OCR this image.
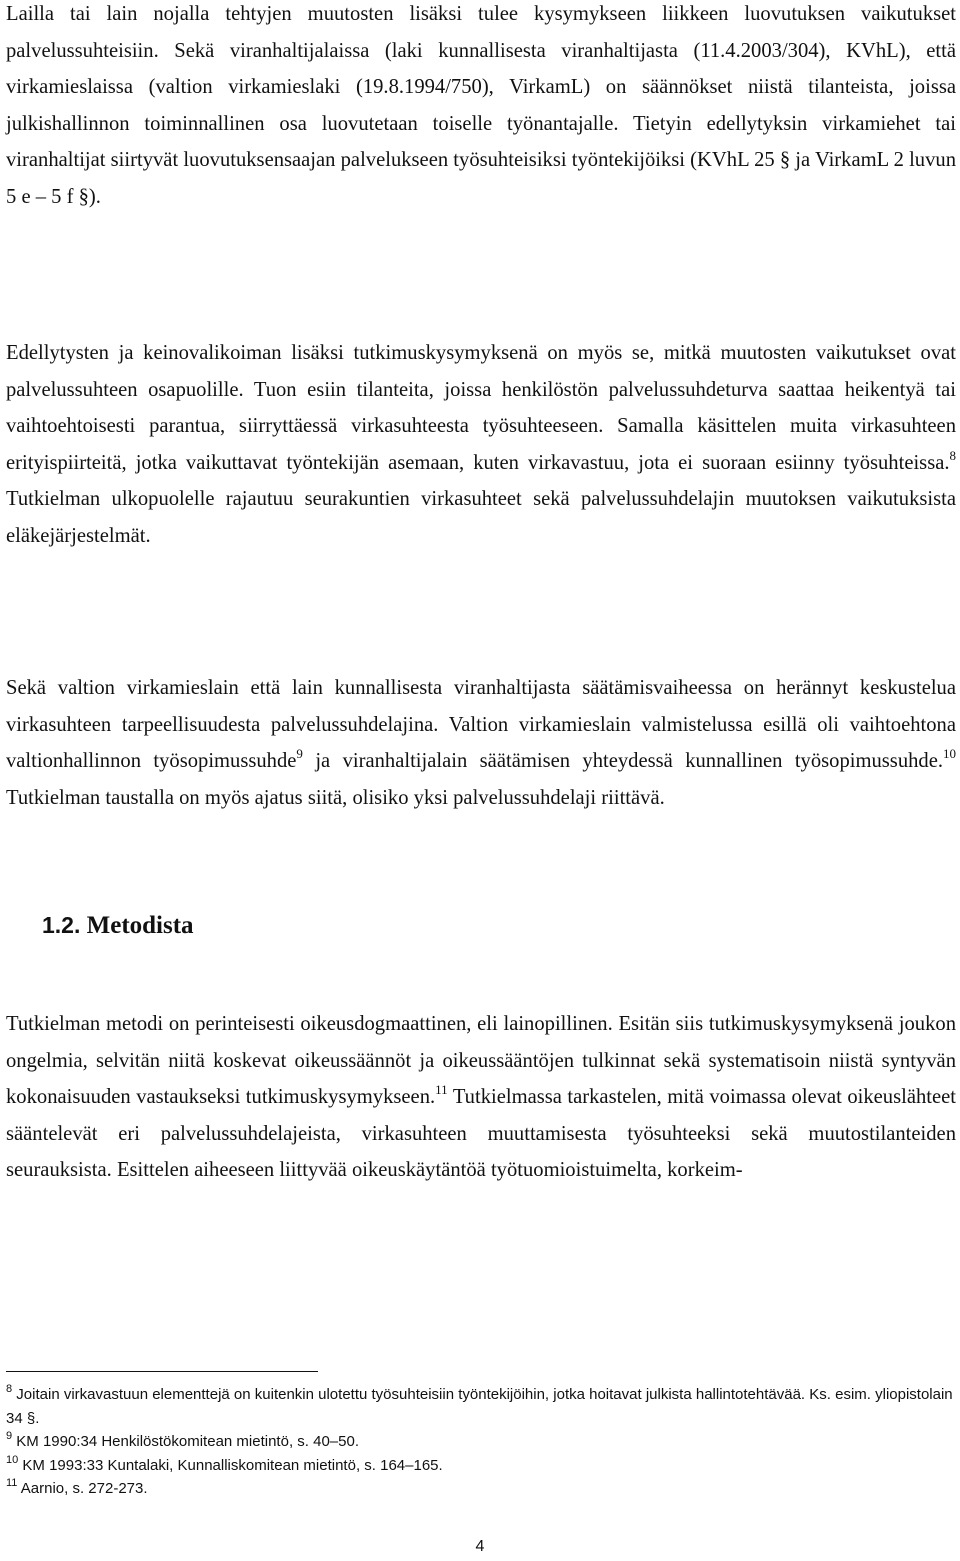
Lailla tai lain nojalla tehtyjen muutosten lisäksi tulee kysymykseen liikkeen luovutuksen vaikutukset palvelussuhteisiin. Sekä viranhaltijalaissa (laki kunnallisesta viranhaltijasta (11.4.2003/304), KVhL), että virkamieslaissa (valtion virkamieslaki (19.8.1994/750), VirkamL) on säännökset niistä tilanteista, joissa julkishallinnon toiminnallinen osa luovutetaan toiselle työnantajalle. Tietyin edellytyksin virkamiehet tai viranhaltijat siirtyvät luovutuksensaajan palvelukseen työsuhteisiksi työntekijöiksi (KVhL 25 § ja VirkamL 2 luvun 5 e – 5 f §).

Edellytysten ja keinovalikoiman lisäksi tutkimuskysymyksenä on myös se, mitkä muutosten vaikutukset ovat palvelussuhteen osapuolille. Tuon esiin tilanteita, joissa henkilöstön palvelussuhdeturva saattaa heikentyä tai vaihtoehtoisesti parantua, siirryttäessä virkasuhteesta työsuhteeseen. Samalla käsittelen muita virkasuhteen erityispiirteitä, jotka vaikuttavat työntekijän asemaan, kuten virkavastuu, jota ei suoraan esiinny työsuhteissa.$^8$ Tutkielman ulkopuolelle rajautuu seurakuntien virkasuhteet sekä palvelussuhdelajin muutoksen vaikutuksista eläkejärjestelmät.

Sekä valtion virkamieslain että lain kunnallisesta viranhaltijasta säätämisvaiheessa on herännyt keskustelua virkasuhteen tarpeellisuudesta palvelussuhdelajina. Valtion virkamieslain valmistelussa esillä oli vaihtoehtona valtionhallinnon työsopimussuhde$^9$ ja viranhaltijalain säätämisen yhteydessä kunnallinen työsopimussuhde.$^{10}$ Tutkielman taustalla on myös ajatus siitä, olisiko yksi palvelussuhdelaji riittävä.

1.2. Metodista

Tutkielman metodi on perinteisesti oikeusdogmaattinen, eli lainopillinen. Esitän siis tutkimuskysymyksenä joukon ongelmia, selvitän niitä koskevat oikeussäännöt ja oikeussääntöjen tulkinnat sekä systematisoin niistä syntyvän kokonaisuuden vastaukseksi tutkimuskysymykseen.$^{11}$ Tutkielmassa tarkastelen, mitä voimassa olevat oikeuslähteet sääntelevät eri palvelussuhdelajeista, virkasuhteen muuttamisesta työsuhteeksi sekä muutostilanteiden seurauksista. Esittelen aiheeseen liittyvää oikeuskäytäntöä työtuomioistuimelta, korkeim-

$^8$ Joitain virkavastuun elementtejä on kuitenkin ulotettu työsuhteisiin työntekijöihin, jotka hoitavat julkista hallintotehtävää. Ks. esim. yliopistolain 34 §.

$^9$ KM 1990:34 Henkilöstökomitean mietintö, s. 40–50.

$^{10}$ KM 1993:33 Kuntalaki, Kunnalliskomitean mietintö, s. 164–165.

$^{11}$ Aarnio, s. 272-273.

4
